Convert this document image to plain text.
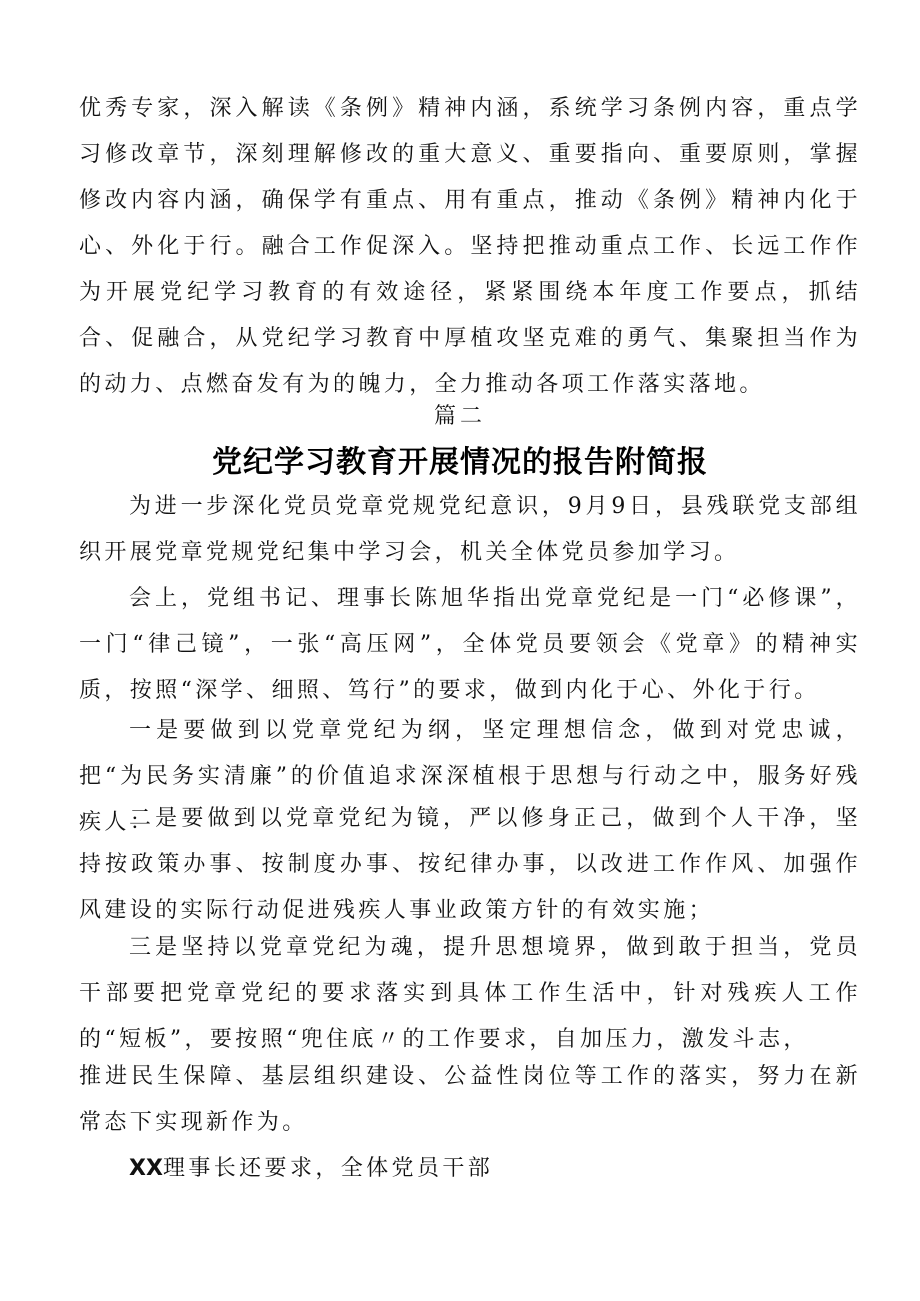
优秀专家，深入解读《条例》精神内涵，系统学习条例内容，重点学习修改章节，深刻理解修改的重大意义、重要指向、重要原则，掌握修改内容内涵，确保学有重点、用有重点，推动《条例》精神内化于心、外化于行。融合工作促深入。坚持把推动重点工作、长远工作作为开展党纪学习教育的有效途径，紧紧围绕本年度工作要点，抓结合、促融合，从党纪学习教育中厚植攻坚克难的勇气、集聚担当作为的动力、点燃奋发有为的魄力，全力推动各项工作落实落地。

篇二

党纪学习教育开展情况的报告附简报

为进一步深化党员党章党规党纪意识，9月9日，县残联党支部组织开展党章党规党纪集中学习会，机关全体党员参加学习。

会上，党组书记、理事长陈旭华指出党章党纪是一门“必修课”，一门“律己镜”，一张“高压网”，全体党员要领会《党章》的精神实质，按照“深学、细照、笃行”的要求，做到内化于心、外化于行。

一是要做到以党章党纪为纲，坚定理想信念，做到对党忠诚，把“为民务实清廉”的价值追求深深植根于思想与行动之中，服务好残疾人：

二是要做到以党章党纪为镜，严以修身正己，做到个人干净，坚持按政策办事、按制度办事、按纪律办事，以改进工作作风、加强作风建设的实际行动促进残疾人事业政策方针的有效实施；

三是坚持以党章党纪为魂，提升思想境界，做到敢于担当，党员干部要把党章党纪的要求落实到具体工作生活中，针对残疾人工作的“短板”，要按照“兜住底〃的工作要求，自加压力，激发斗志，

推进民生保障、基层组织建设、公益性岗位等工作的落实，努力在新常态下实现新作为。

XX理事长还要求，全体党员干部
